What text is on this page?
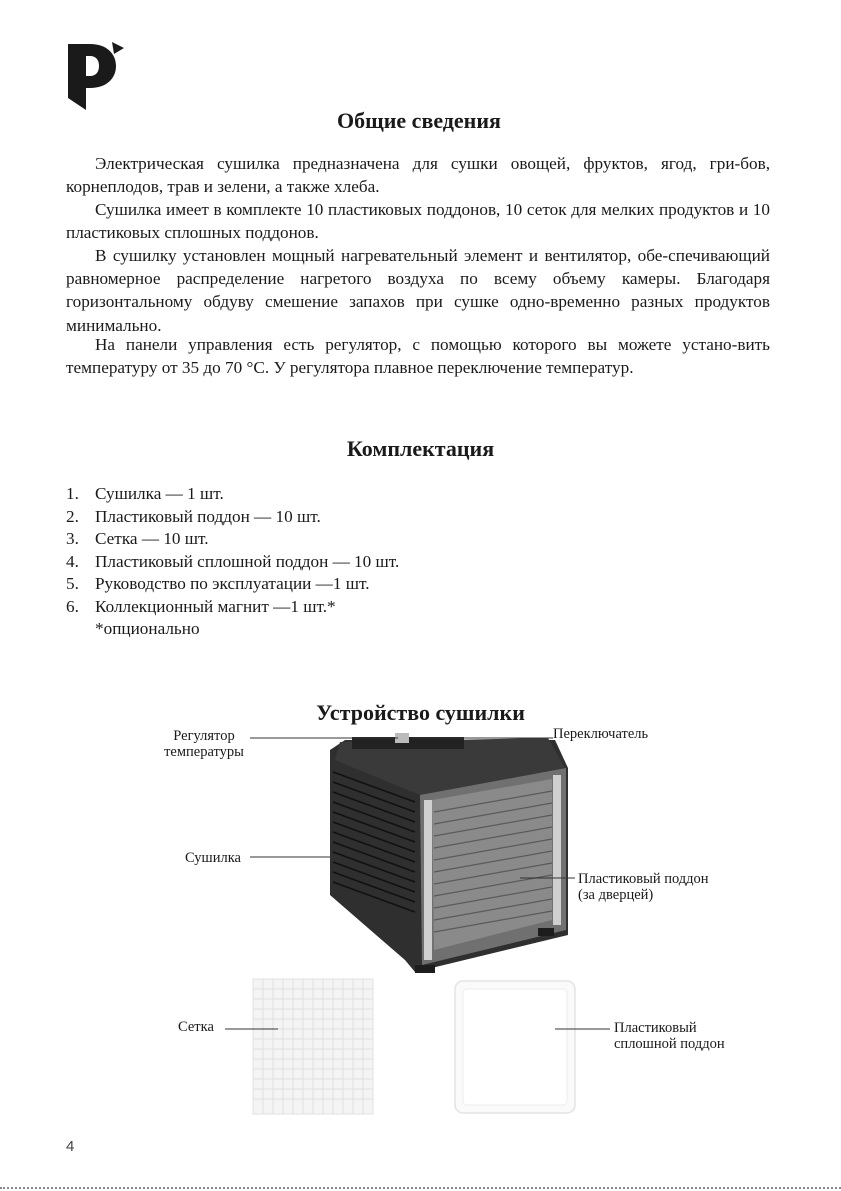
Общие сведения

Электрическая сушилка предназначена для сушки овощей, фруктов, ягод, гри-бов, корнеплодов, трав и зелени, а также хлеба.

Сушилка имеет в комплекте 10 пластиковых поддонов, 10 сеток для мелких продуктов и 10 пластиковых сплошных поддонов.

В сушилку установлен мощный нагревательный элемент и вентилятор, обе-спечивающий равномерное распределение нагретого воздуха по всему объему камеры. Благодаря горизонтальному обдуву смешение запахов при сушке одно-временно разных продуктов минимально.

На панели управления есть регулятор, с помощью которого вы можете устано-вить температуру от 35 до 70 °C. У регулятора плавное переключение температур.

Комплектация
1. Сушилка — 1 шт.
2. Пластиковый поддон — 10 шт.
3. Сетка — 10 шт.
4. Пластиковый сплошной поддон — 10 шт.
5. Руководство по эксплуатации —1 шт.
6. Коллекционный магнит —1 шт.*
*опционально
Устройство сушилки
Регулятор
температуры
Переключатель
Сушилка
Пластиковый поддон
(за дверцей)
Сетка	Пластиковый
сплошной поддон
4
